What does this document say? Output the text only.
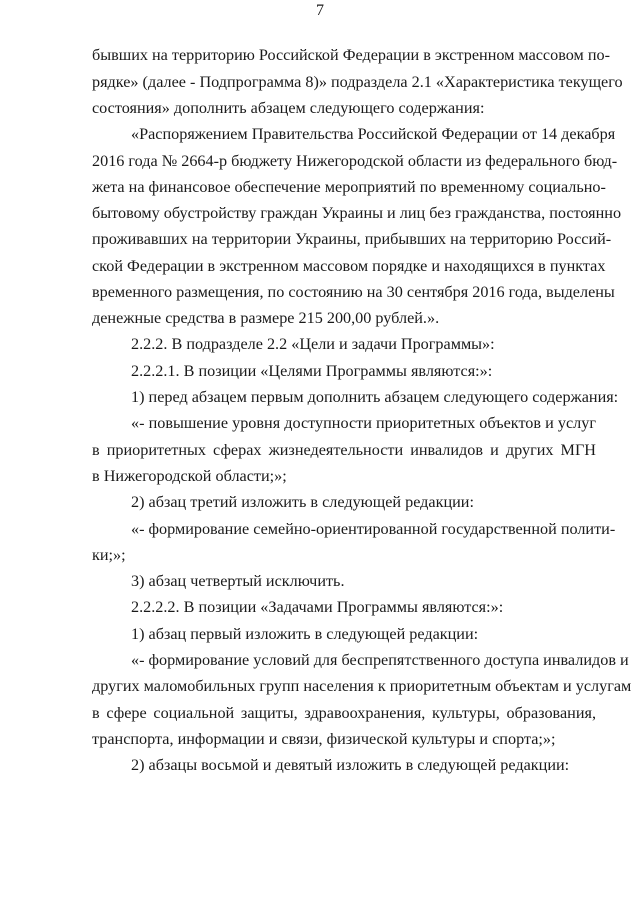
7
бывших на территорию Российской Федерации в экстренном массовом по-
рядке» (далее - Подпрограмма 8)» подраздела 2.1 «Характеристика текущего
состояния» дополнить абзацем следующего содержания:
«Распоряжением Правительства Российской Федерации от 14 декабря
2016 года № 2664-р бюджету Нижегородской области из федерального бюд-
жета на финансовое обеспечение мероприятий по временному социально-
бытовому обустройству граждан Украины и лиц без гражданства, постоянно
проживавших на территории Украины, прибывших на территорию Россий-
ской Федерации в экстренном массовом порядке и находящихся в пунктах
временного размещения, по состоянию на 30 сентября 2016 года, выделены
денежные средства в размере 215 200,00 рублей.».
2.2.2. В подразделе 2.2 «Цели и задачи Программы»:
2.2.2.1. В позиции «Целями Программы являются:»:
1) перед абзацем первым дополнить абзацем следующего содержания:
«- повышение уровня доступности приоритетных объектов и услуг
в приоритетных сферах жизнедеятельности инвалидов и других МГН
в Нижегородской области;»;
2) абзац третий изложить в следующей редакции:
«- формирование семейно-ориентированной государственной полити-
ки;»;
3) абзац четвертый исключить.
2.2.2.2. В позиции «Задачами Программы являются:»:
1) абзац первый изложить в следующей редакции:
«- формирование условий для беспрепятственного доступа инвалидов и
других маломобильных групп населения к приоритетным объектам и услугам
в сфере социальной защиты, здравоохранения, культуры, образования,
транспорта, информации и связи, физической культуры и спорта;»;
2) абзацы восьмой и девятый изложить в следующей редакции:
